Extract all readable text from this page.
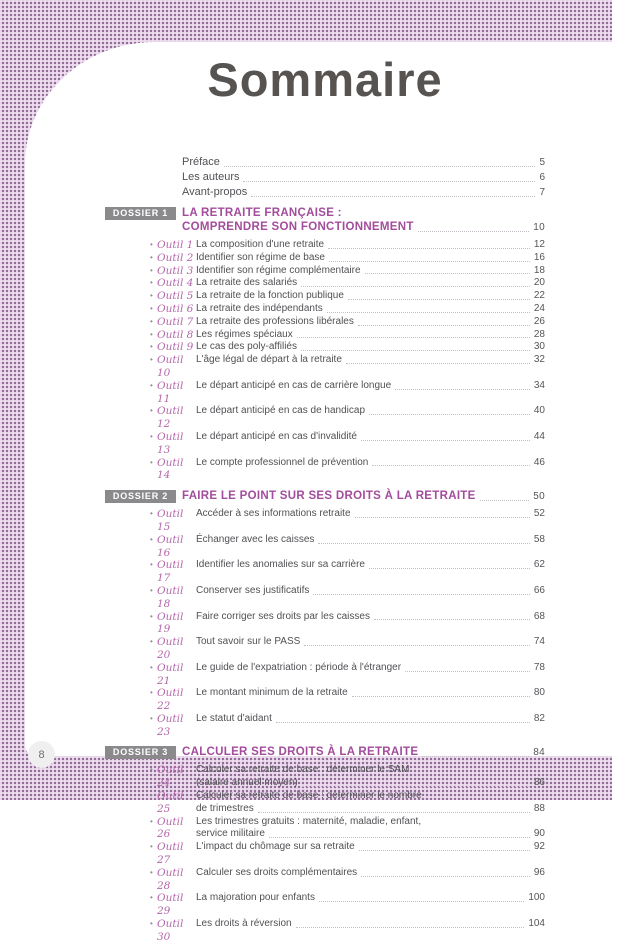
Sommaire
Préface	5
Les auteurs	6
Avant-propos	7
DOSSIER 1	LA RETRAITE FRANÇAISE :
COMPRENDRE SON FONCTIONNEMENT	10
• Outil 1 La composition d'une retraite	12
• Outil 2 Identifier son régime de base	16
• Outil 3 Identifier son régime complémentaire	18
• Outil 4 La retraite des salariés	20
• Outil 5 La retraite de la fonction publique	22
• Outil 6 La retraite des indépendants	24
• Outil 7 La retraite des professions libérales	26
• Outil 8 Les régimes spéciaux	28
• Outil 9 Le cas des poly-affiliés	30
• Outil 10
L'âge légal de départ à la retraite	32
• Outil 11
Le départ anticipé en cas de carrière longue	34
• Outil 12
Le départ anticipé en cas de handicap	40
• Outil 13
Le départ anticipé en cas d'invalidité	44
• Outil 14
Le compte professionnel de prévention	46
DOSSIER 2	FAIRE LE POINT SUR SES DROITS À LA RETRAITE	50
• Outil 15
Accéder à ses informations retraite	52
• Outil 16
Échanger avec les caisses	58
• Outil 17
Identifier les anomalies sur sa carrière	62
• Outil 18
Conserver ses justificatifs	66
• Outil 19
Faire corriger ses droits par les caisses	68
• Outil 20
Tout savoir sur le PASS	74
• Outil 21
Le guide de l'expatriation : période à l'étranger	78
• Outil 22
Le montant minimum de la retraite	80
• Outil 23
Le statut d'aidant	82
DOSSIER 3	CALCULER SES DROITS À LA RETRAITE	84
• Outil 24
Calculer sa retraite de base : déterminer le SAM
(salaire annuel moyen)	86
• Outil 25
Calculer sa retraite de base : déterminer le nombre
de trimestres	88
• Outil 26
Les trimestres gratuits : maternité, maladie, enfant,
service militaire	90
• Outil 27
L'impact du chômage sur sa retraite	92
• Outil 28
Calculer ses droits complémentaires	96
• Outil 29
La majoration pour enfants	100
• Outil 30
Les droits à réversion	104
8
